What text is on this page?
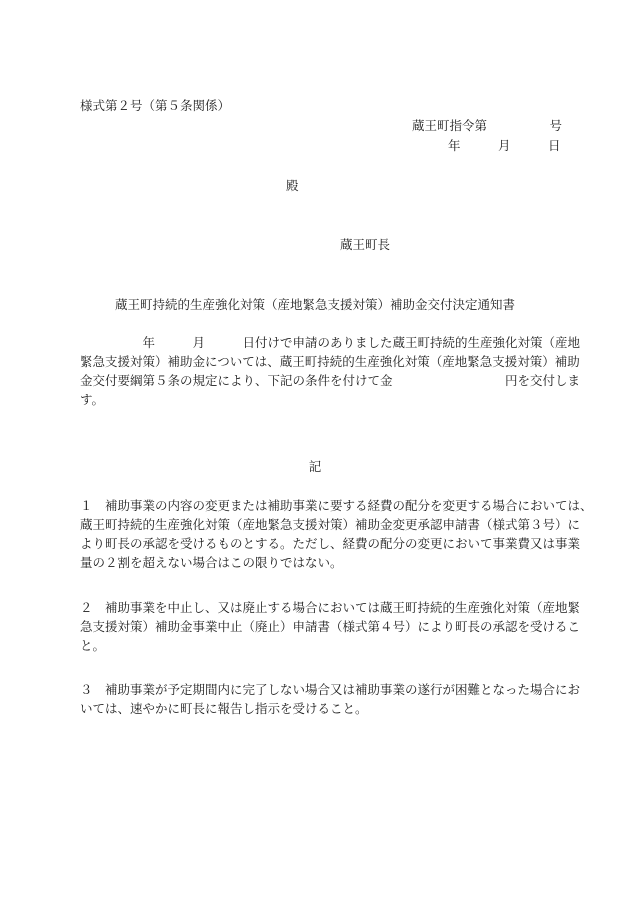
様式第２号（第５条関係）

蔵王町指令第　　　　　号

年　　　月　　　日

殿

蔵王町長

蔵王町持続的生産強化対策（産地緊急支援対策）補助金交付決定通知書

　　　　　年　　　月　　　日付けで申請のありました蔵王町持続的生産強化対策（産地
緊急支援対策）補助金については、蔵王町持続的生産強化対策（産地緊急支援対策）補助
金交付要綱第５条の規定により、下記の条件を付けて金　　　　　　　　　円を交付しま
す。

記

１　補助事業の内容の変更または補助事業に要する経費の配分を変更する場合においては、
蔵王町持続的生産強化対策（産地緊急支援対策）補助金変更承認申請書（様式第３号）に
より町長の承認を受けるものとする。ただし、経費の配分の変更において事業費又は事業
量の２割を超えない場合はこの限りではない。
２　補助事業を中止し、又は廃止する場合においては蔵王町持続的生産強化対策（産地緊
急支援対策）補助金事業中止（廃止）申請書（様式第４号）により町長の承認を受けるこ
と。
３　補助事業が予定期間内に完了しない場合又は補助事業の遂行が困難となった場合にお
いては、速やかに町長に報告し指示を受けること。
